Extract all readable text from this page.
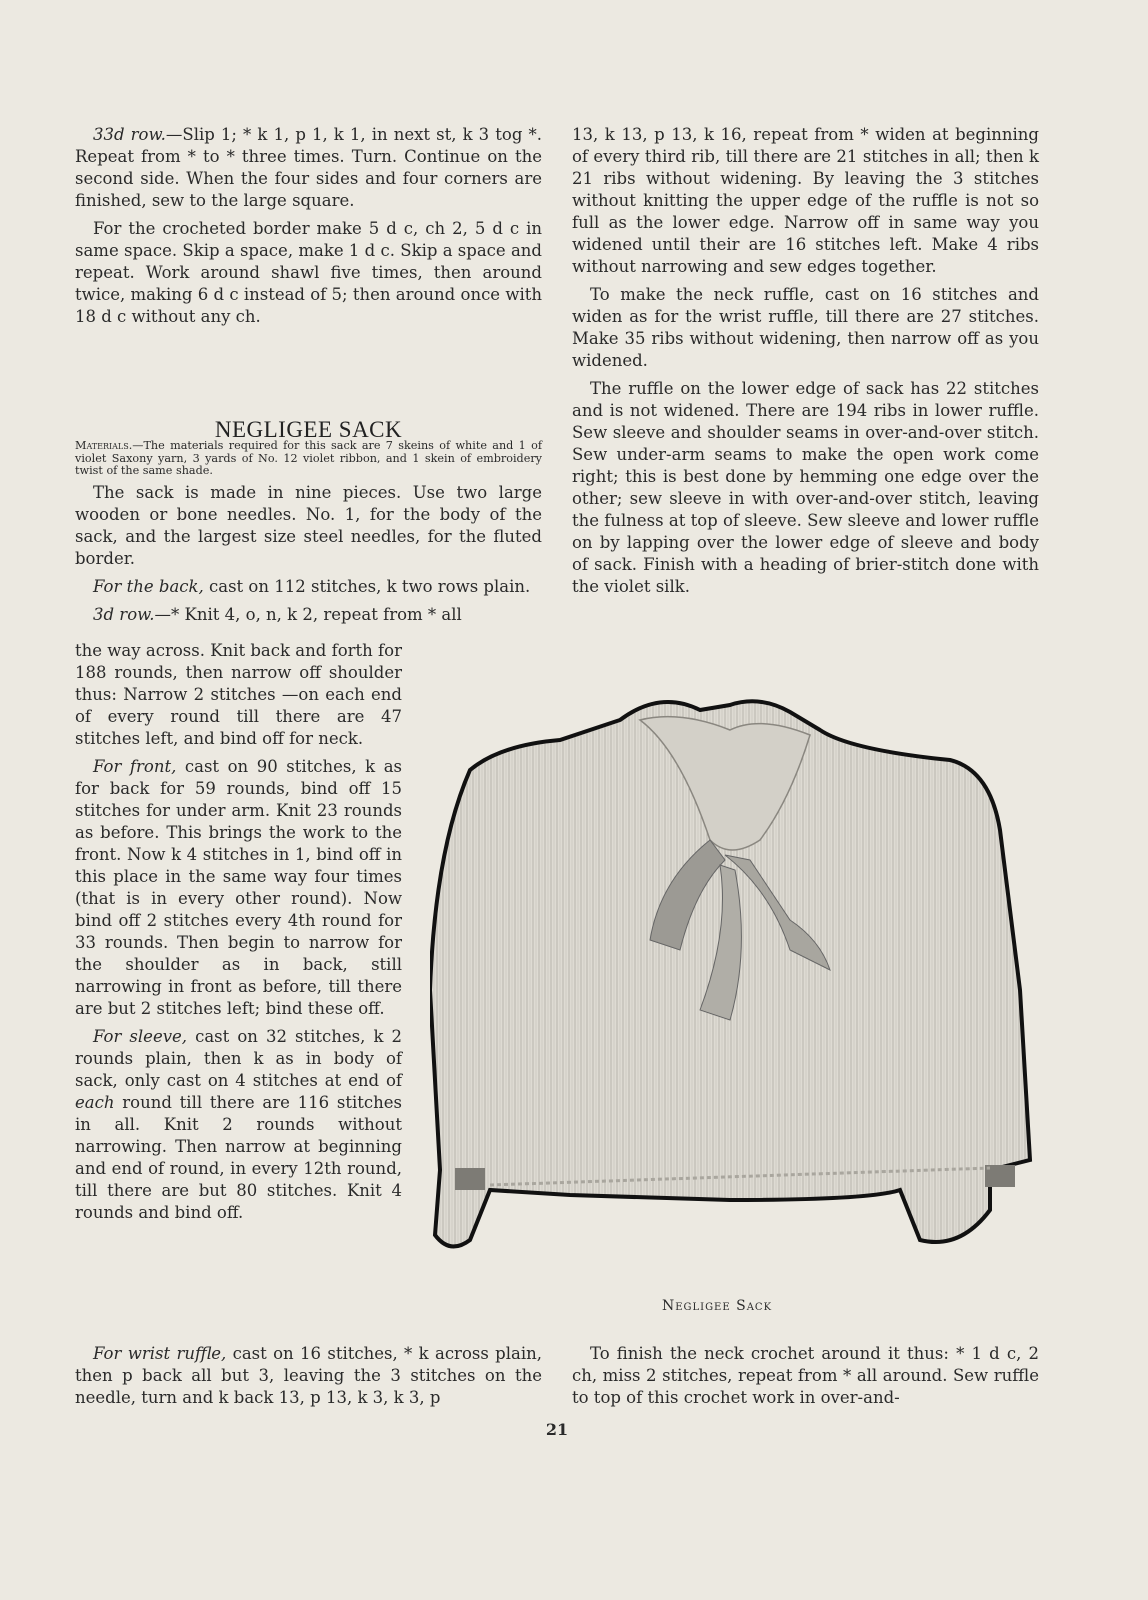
33d row.—Slip 1; * k 1, p 1, k 1, in next st, k 3 tog *. Repeat from * to * three times. Turn. Continue on the second side. When the four sides and four corners are finished, sew to the large square.

For the crocheted border make 5 d c, ch 2, 5 d c in same space. Skip a space, make 1 d c. Skip a space and repeat. Work around shawl five times, then around twice, making 6 d c instead of 5; then around once with 18 d c without any ch.

NEGLIGEE SACK
Materials.—The materials required for this sack are 7 skeins of white and 1 of violet Saxony yarn, 3 yards of No. 12 violet ribbon, and 1 skein of embroidery twist of the same shade.

The sack is made in nine pieces. Use two large wooden or bone needles. No. 1, for the body of the sack, and the largest size steel needles, for the fluted border.

For the back, cast on 112 stitches, k two rows plain.

3d row.—* Knit 4, o, n, k 2, repeat from * all

the way across. Knit back and forth for 188 rounds, then narrow off shoulder thus: Narrow 2 stitches —on each end of every round till there are 47 stitches left, and bind off for neck.

For front, cast on 90 stitches, k as for back for 59 rounds, bind off 15 stitches for under arm. Knit 23 rounds as before. This brings the work to the front. Now k 4 stitches in 1, bind off in this place in the same way four times (that is in every other round). Now bind off 2 stitches every 4th round for 33 rounds. Then begin to narrow for the shoulder as in back, still narrowing in front as before, till there are but 2 stitches left; bind these off.

For sleeve, cast on 32 stitches, k 2 rounds plain, then k as in body of sack, only cast on 4 stitches at end of each round till there are 116 stitches in all. Knit 2 rounds without narrowing. Then narrow at beginning and end of round, in every 12th round, till there are but 80 stitches. Knit 4 rounds and bind off.

For wrist ruffle, cast on 16 stitches, * k across plain, then p back all but 3, leaving the 3 stitches on the needle, turn and k back 13, p 13, k 3, k 3, p

13, k 13, p 13, k 16, repeat from * widen at beginning of every third rib, till there are 21 stitches in all; then k 21 ribs without widening. By leaving the 3 stitches without knitting the upper edge of the ruffle is not so full as the lower edge. Narrow off in same way you widened until their are 16 stitches left. Make 4 ribs without narrowing and sew edges together.

To make the neck ruffle, cast on 16 stitches and widen as for the wrist ruffle, till there are 27 stitches. Make 35 ribs without widening, then narrow off as you widened.

The ruffle on the lower edge of sack has 22 stitches and is not widened. There are 194 ribs in lower ruffle. Sew sleeve and shoulder seams in over-and-over stitch. Sew under-arm seams to make the open work come right; this is best done by hemming one edge over the other; sew sleeve in with over-and-over stitch, leaving the fulness at top of sleeve. Sew sleeve and lower ruffle on by lapping over the lower edge of sleeve and body of sack. Finish with a heading of brier-stitch done with the violet silk.

Negligee Sack

To finish the neck crochet around it thus: * 1 d c, 2 ch, miss 2 stitches, repeat from * all around. Sew ruffle to top of this crochet work in over-and-

21
